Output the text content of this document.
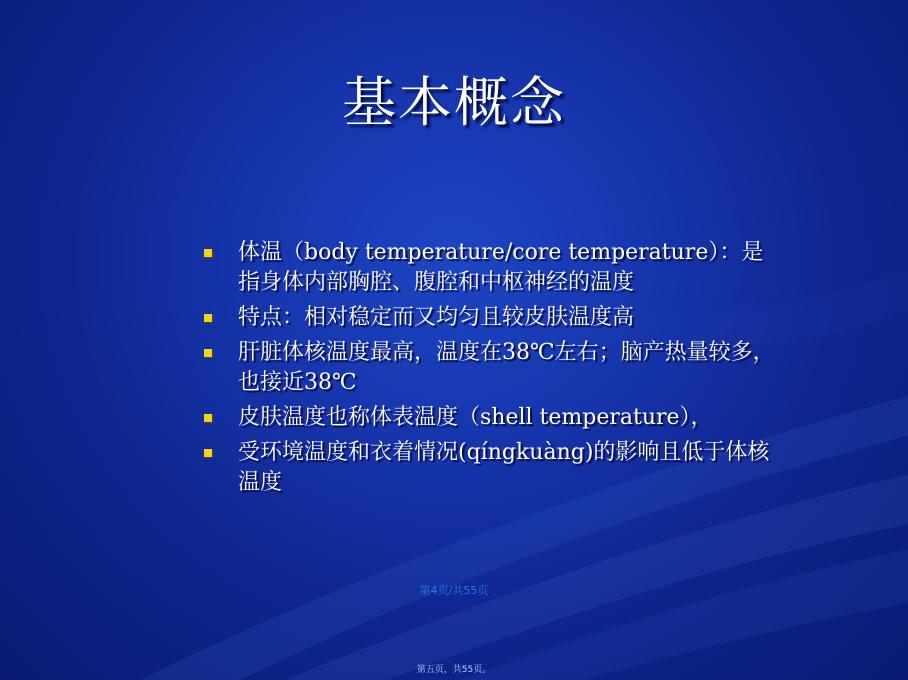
基本概念
体温（body temperature/core temperature）：是指身体内部胸腔、腹腔和中枢神经的温度
特点：相对稳定而又均匀且较皮肤温度高
肝脏体核温度最高，温度在38℃左右；脑产热量较多，也接近38℃
皮肤温度也称体表温度（shell temperature），
受环境温度和衣着情况(qíngkuàng)的影响且低于体核温度
第4页/共55页
第五页，共55页。
